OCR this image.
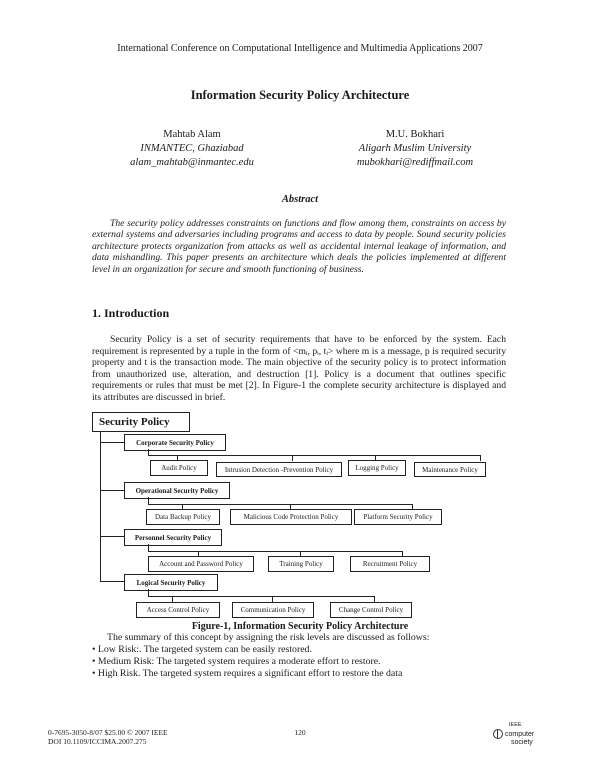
International Conference on Computational Intelligence and Multimedia Applications 2007
Information Security Policy Architecture
Mahtab Alam
INMANTEC, Ghaziabad
alam_mahtab@inmantec.edu
M.U. Bokhari
Aligarh Muslim University
mubokhari@rediffmail.com
Abstract
The security policy addresses constraints on functions and flow among them, constraints on access by external systems and adversaries including programs and access to data by people. Sound security policies architecture protects organization from attacks as well as accidental internal leakage of information, and data mishandling. This paper presents an architecture which deals the policies implemented at different level in an organization for secure and smooth functioning of business.
1. Introduction
Security Policy is a set of security requirements that have to be enforced by the system. Each requirement is represented by a tuple in the form of <mᵢ, pᵢ, tᵢ> where m is a message, p is required security property and t is the transaction mode. The main objective of the security policy is to protect information from unauthorized use, alteration, and destruction [1]. Policy is a document that outlines specific requirements or rules that must be met [2]. In Figure-1 the complete security architecture is displayed and its attributes are discussed in brief.
Security Policy
Corporate Security Policy
Audit Policy	Intrusion Detection -Prevention Policy	Logging Policy	Maintenance Policy
Operational Security Policy
Data Backup Policy	Malicious Code Protection Policy	Platform Security Policy
Personnel Security Policy
Account and Password Policy	Training Policy	Recruitment Policy
Logical Security Policy
Access Control Policy	Communication Policy	Change Control Policy
Figure-1, Information Security Policy Architecture
The summary of this concept by assigning the risk levels are discussed as follows:
• Low Risk:. The targeted system can be easily restored.
• Medium Risk: The targeted system requires a moderate effort to restore.
• High Risk. The targeted system requires a significant effort to restore the data
0-7695-3050-8/07 $25.00 © 2007 IEEE
DOI 10.1109/ICCIMA.2007.275
120
IEEE
computer
society
